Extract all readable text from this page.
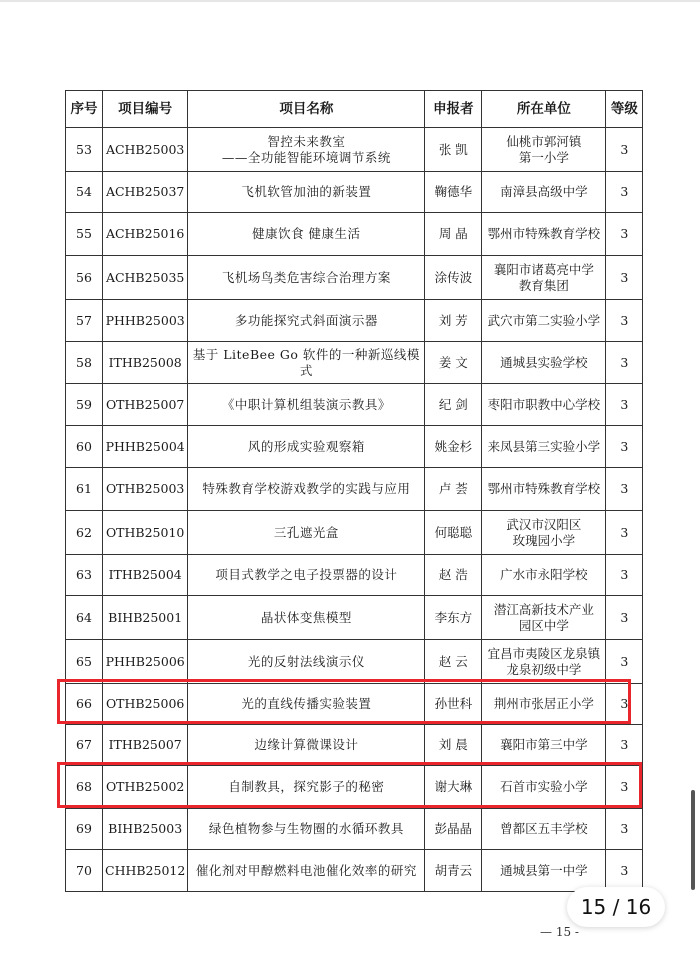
序号	项目编号	项目名称	申报者	所在单位	等级
53	ACHB25003	智控未来教室
——全功能智能环境调节系统	张 凯	仙桃市郭河镇
第一小学	3
54	ACHB25037	飞机软管加油的新装置	鞠德华	南漳县高级中学	3
55	ACHB25016	健康饮食 健康生活	周 晶	鄂州市特殊教育学校	3
56	ACHB25035	飞机场鸟类危害综合治理方案	涂传波	襄阳市诸葛亮中学
教育集团	3
57	PHHB25003	多功能探究式斜面演示器	刘 芳	武穴市第二实验小学	3
58	ITHB25008	基于 LiteBee Go 软件的一种新巡线模式	姜 文	通城县实验学校	3
59	OTHB25007	《中职计算机组装演示教具》	纪 剑	枣阳市职教中心学校	3
60	PHHB25004	风的形成实验观察箱	姚金杉	来凤县第三实验小学	3
61	OTHB25003	特殊教育学校游戏教学的实践与应用	卢 荟	鄂州市特殊教育学校	3
62	OTHB25010	三孔遮光盒	何聪聪	武汉市汉阳区
玫瑰园小学	3
63	ITHB25004	项目式教学之电子投票器的设计	赵 浩	广水市永阳学校	3
64	BIHB25001	晶状体变焦模型	李东方	潜江高新技术产业
园区中学	3
65	PHHB25006	光的反射法线演示仪	赵 云	宜昌市夷陵区龙泉镇
龙泉初级中学	3
66	OTHB25006	光的直线传播实验装置	孙世科	荆州市张居正小学	3
67	ITHB25007	边缘计算微课设计	刘 晨	襄阳市第三中学	3
68	OTHB25002	自制教具，探究影子的秘密	谢大琳	石首市实验小学	3
69	BIHB25003	绿色植物参与生物圈的水循环教具	彭晶晶	曾都区五丰学校	3
70	CHHB25012	催化剂对甲醇燃料电池催化效率的研究	胡青云	通城县第一中学	3
— 15 -
15 / 16
